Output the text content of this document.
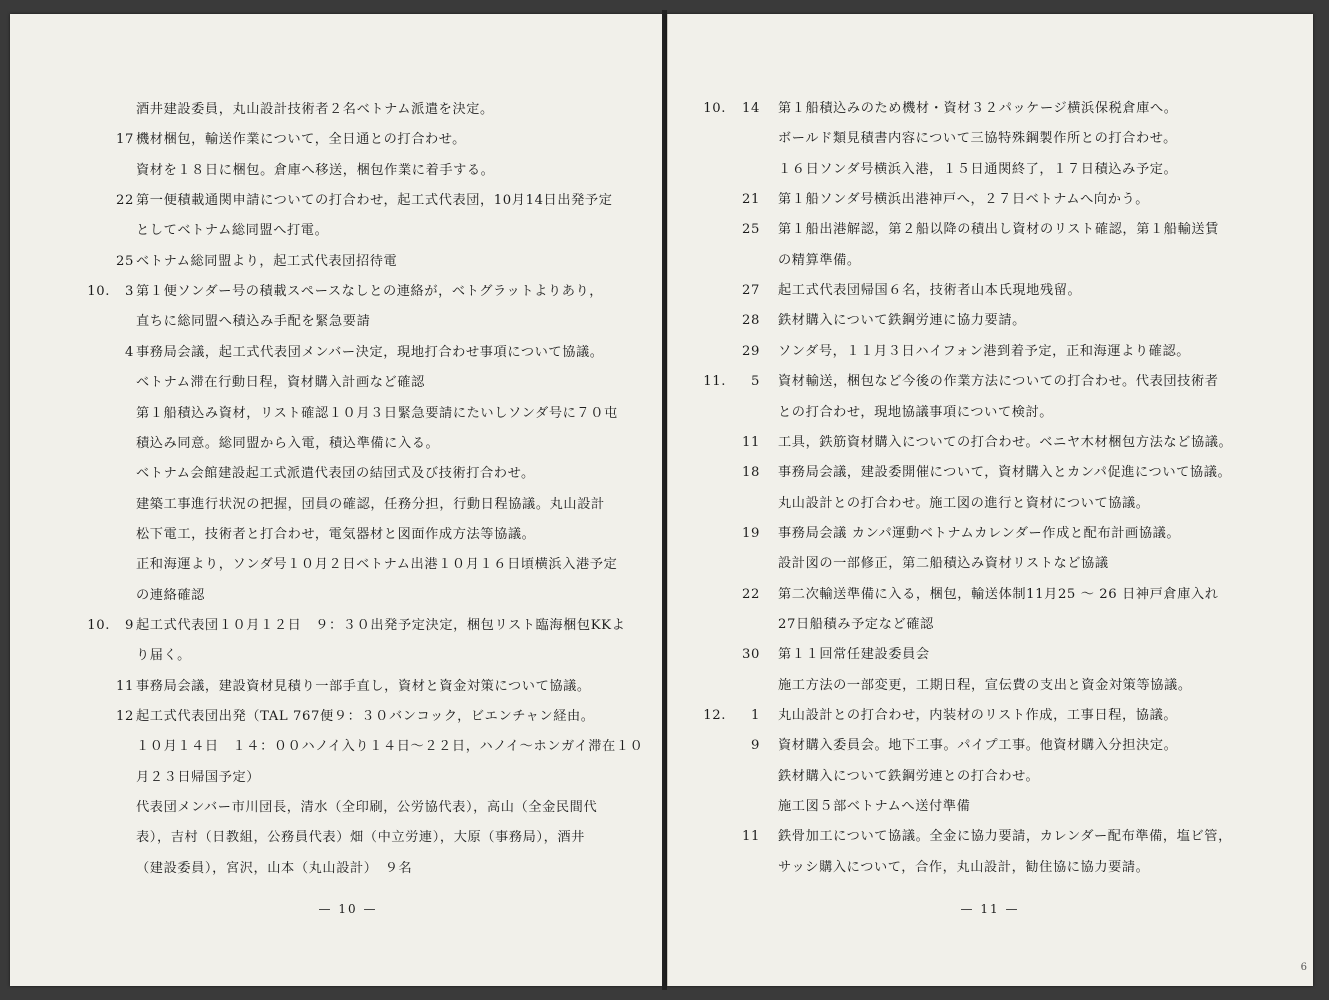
酒井建設委員，丸山設計技術者２名ベトナム派遣を決定。
17 機材梱包，輸送作業について，全日通との打合わせ。
資材を１８日に梱包。倉庫へ移送，梱包作業に着手する。
22 第一便積載通関申請についての打合わせ，起工式代表団，10月14日出発予定
としてベトナム総同盟へ打電。
25 ベトナム総同盟より，起工式代表団招待電
10.	3 第１便ソンダー号の積載スペースなしとの連絡が，ベトグラットよりあり，
直ちに総同盟へ積込み手配を緊急要請
4 事務局会議，起工式代表団メンバー決定，現地打合わせ事項について協議。
ベトナム滞在行動日程，資材購入計画など確認
第１船積込み資材，リスト確認１０月３日緊急要請にたいしソンダ号に７０屯
積込み同意。総同盟から入電，積込準備に入る。
ベトナム会館建設起工式派遣代表団の結団式及び技術打合わせ。
建築工事進行状況の把握，団員の確認，任務分担，行動日程協議。丸山設計
松下電工，技術者と打合わせ，電気器材と図面作成方法等協議。
正和海運より，ソンダ号１０月２日ベトナム出港１０月１６日頃横浜入港予定
の連絡確認
10.	9 起工式代表団１０月１２日　９：３０出発予定決定，梱包リスト臨海梱包KKよ
り届く。
11 事務局会議，建設資材見積り一部手直し，資材と資金対策について協議。
12 起工式代表団出発（TAL 767便９：３０バンコック，ビエンチャン経由。
１０月１４日　１４：００ハノイ入り１４日～２２日，ハノイ～ホンガイ滞在１０
月２３日帰国予定）
代表団メンバー市川団長，清水（全印刷，公労協代表），高山（全金民間代
表），吉村（日教組，公務員代表）畑（中立労連），大原（事務局），酒井
（建設委員），宮沢，山本（丸山設計）　９名
— 10 —
10.	14 第１船積込みのため機材・資材３２パッケージ横浜保税倉庫へ。
ボールド類見積書内容について三協特殊鋼製作所との打合わせ。
１６日ソンダ号横浜入港，１５日通関終了，１７日積込み予定。
21 第１船ソンダ号横浜出港神戸へ，２７日ベトナムへ向かう。
25 第１船出港解認，第２船以降の積出し資材のリスト確認，第１船輸送賃
の精算準備。
27 起工式代表団帰国６名，技術者山本氏現地残留。
28 鉄材購入について鉄鋼労連に協力要請。
29 ソンダ号，１１月３日ハイフォン港到着予定，正和海運より確認。
11.	5 資材輸送，梱包など今後の作業方法についての打合わせ。代表団技術者
との打合わせ，現地協議事項について検討。
11 工具，鉄筋資材購入についての打合わせ。ベニヤ木材梱包方法など協議。
18 事務局会議，建設委開催について，資材購入とカンパ促進について協議。
丸山設計との打合わせ。施工図の進行と資材について協議。
19 事務局会議 カンパ運動ベトナムカレンダー作成と配布計画協議。
設計図の一部修正，第二船積込み資材リストなど協議
22 第二次輸送準備に入る，梱包，輸送体制11月25 ～ 26 日神戸倉庫入れ
27日船積み予定など確認
30 第１１回常任建設委員会
施工方法の一部変更，工期日程，宣伝費の支出と資金対策等協議。
12.	1 丸山設計との打合わせ，内装材のリスト作成，工事日程，協議。
9 資材購入委員会。地下工事。パイプ工事。他資材購入分担決定。
鉄材購入について鉄鋼労連との打合わせ。
施工図５部ベトナムへ送付準備
11 鉄骨加工について協議。全金に協力要請，カレンダー配布準備，塩ビ管，
サッシ購入について，合作，丸山設計，勧住協に協力要請。
— 11 —
6
